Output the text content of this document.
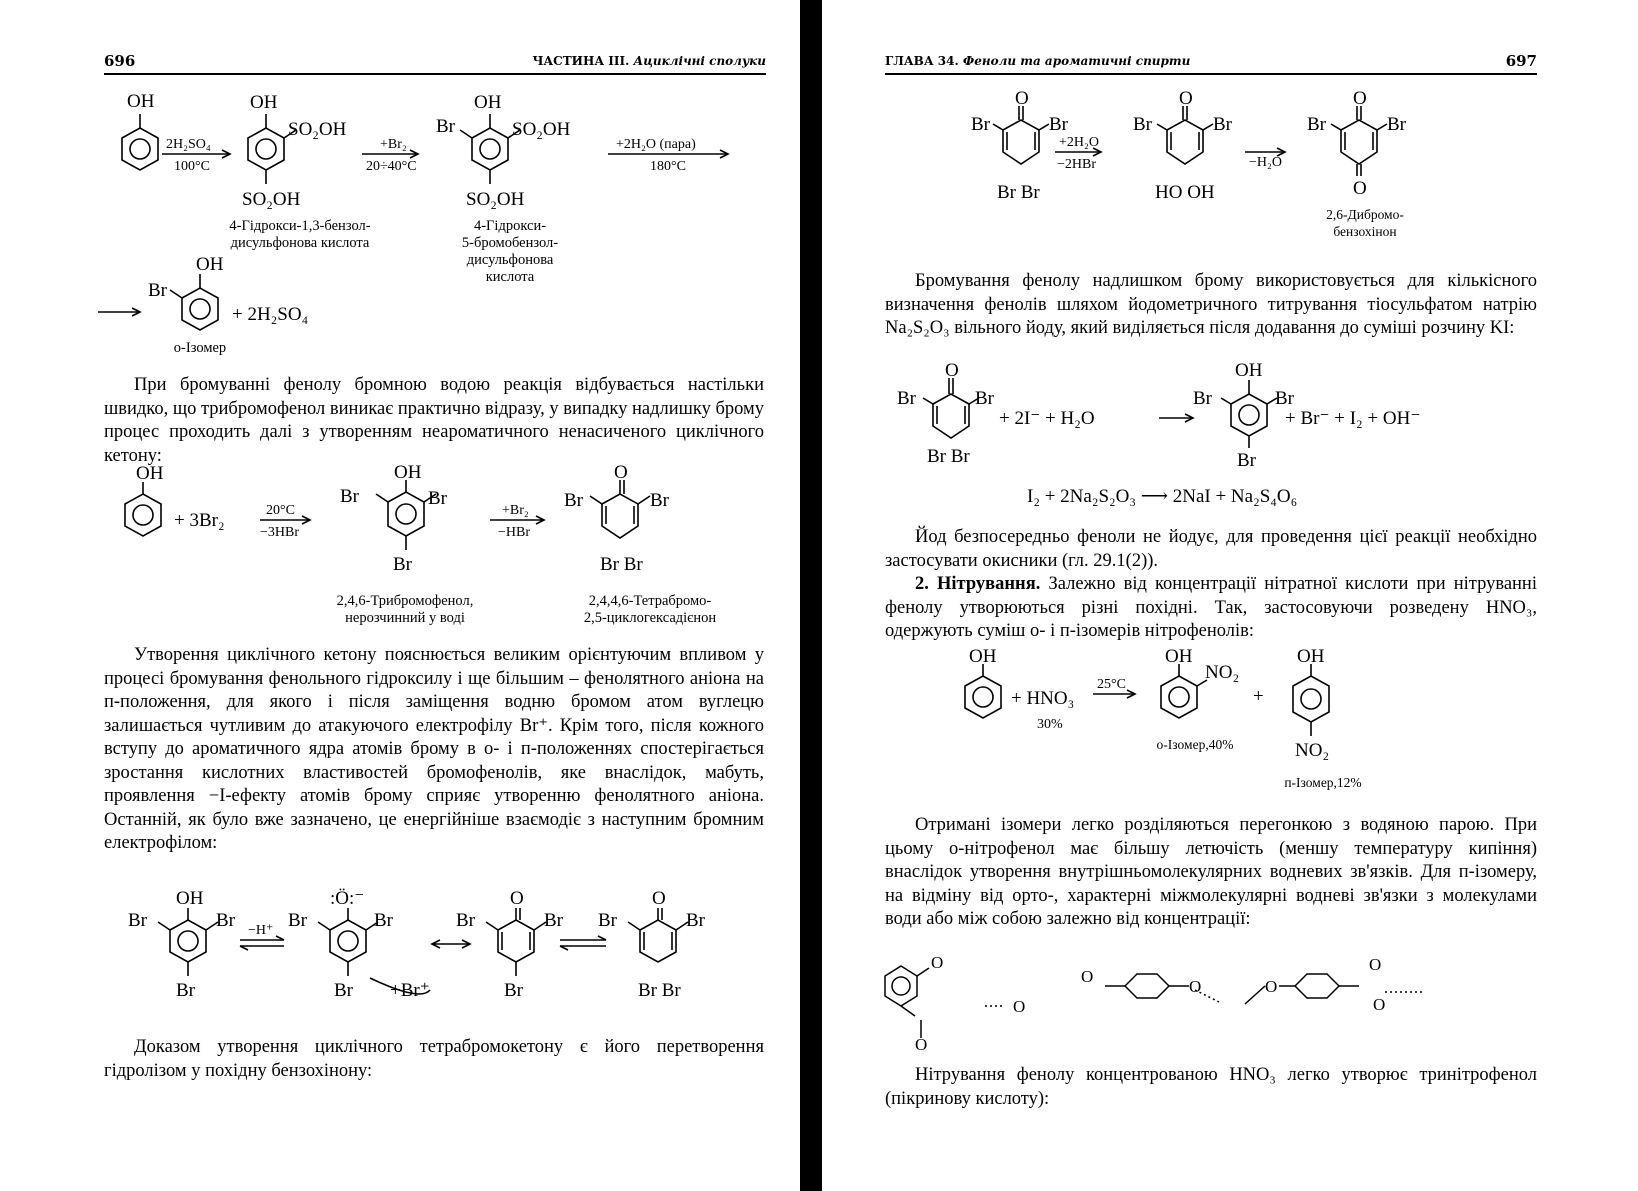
696	ЧАСТИНА III. Ациклічні сполуки
OH	OH	OH
OH
SO₂OH
SO₂OH
SO₂OH
SO₂OH
Br
Br
+ 2H₂SO₄
2H₂SO₄
100°C
+Br₂
20÷40°C
+2H₂O (пара)
180°C
4-Гідрокси-1,3-бензол-
дисульфонова кислота
4-Гідрокси-
5-бромобензол-
дисульфонова
кислота
о-Ізомер

При бромуванні фенолу бромною водою реакція відбувається настільки швидко, що трибромофенол виникає практично відразу, у випадку надлишку брому процес проходить далі з утворенням неароматичного ненасиченого циклічного кетону:

OH
+ 3Br₂
OH
Br	Br
Br
O
Br	Br
Br Br
20°C
−3HBr
+Br₂
−HBr
2,4,6-Трибромофенол,
нерозчинний у воді
2,4,4,6-Тетрабромо-
2,5-циклогексадієнон

Утворення циклічного кетону пояснюється великим орієнтуючим впливом у процесі бромування фенольного гідроксилу і ще більшим – фенолятного аніона на п-положення, для якого і після заміщення водню бромом атом вуглецю залишається чутливим до атакуючого електрофілу Br⁺. Крім того, після кожного вступу до ароматичного ядра атомів брому в о- і п-положеннях спостерігається зростання кислотних властивостей бромофенолів, яке внаслідок, мабуть, проявлення −I-ефекту атомів брому сприяє утворенню фенолятного аніона. Останній, як було вже зазначено, це енергійніше взаємодіє з наступним бромним електрофілом:

OH
Br	Br
Br
:Ö:⁻
Br	Br
Br +Br⁺
O
Br	Br
Br
O
Br	Br
Br Br
−H⁺

Доказом утворення циклічного тетрабромокетону є його перетворення гідролізом у похідну бензохінону:

ГЛАВА 34. Феноли та ароматичні спирти	697
O
Br	Br
Br Br
O
Br	Br
HO OH
O
Br	Br
O
+2H₂O
−2HBr	−H₂O
2,6-Дибромо-
бензохінон

Бромування фенолу надлишком брому використовується для кількісного визначення фенолів шляхом йодометричного титрування тіосульфатом натрію Na₂S₂O₃ вільного йоду, який виділяється після додавання до суміші розчину KI:

O
Br	Br
Br Br
+ 2I⁻ + H₂O
OH
Br	Br
Br
+ Br⁻ + I₂ + OH⁻
I₂ + 2Na₂S₂O₃ ⟶ 2NaI + Na₂S₄O₆

Йод безпосередньо феноли не йодує, для проведення цієї реакції необхідно застосувати окисники (гл. 29.1(2)).

2. Нітрування. Залежно від концентрації нітратної кислоти при нітруванні фенолу утворюються різні похідні. Так, застосовуючи розведену HNO₃, одержують суміш о- і п-ізомерів нітрофенолів:

OH
+ HNO₃
OH
NO₂
+
OH
NO₂
30%
25°C
о-Ізомер,40%
п-Ізомер,12%

Отримані ізомери легко розділяються перегонкою з водяною парою. При цьому о-нітрофенол має більшу летючість (меншу температуру кипіння) внаслідок утворення внутрішньомолекулярних водневих зв'язків. Для п-ізомеру, на відміну від орто-, характерні міжмолекулярні водневі зв'язки з молекулами води або між собою залежно від концентрації:

O
O
O
O
O	O
O
O

Нітрування фенолу концентрованою HNO₃ легко утворює тринітрофенол (пікринову кислоту):
